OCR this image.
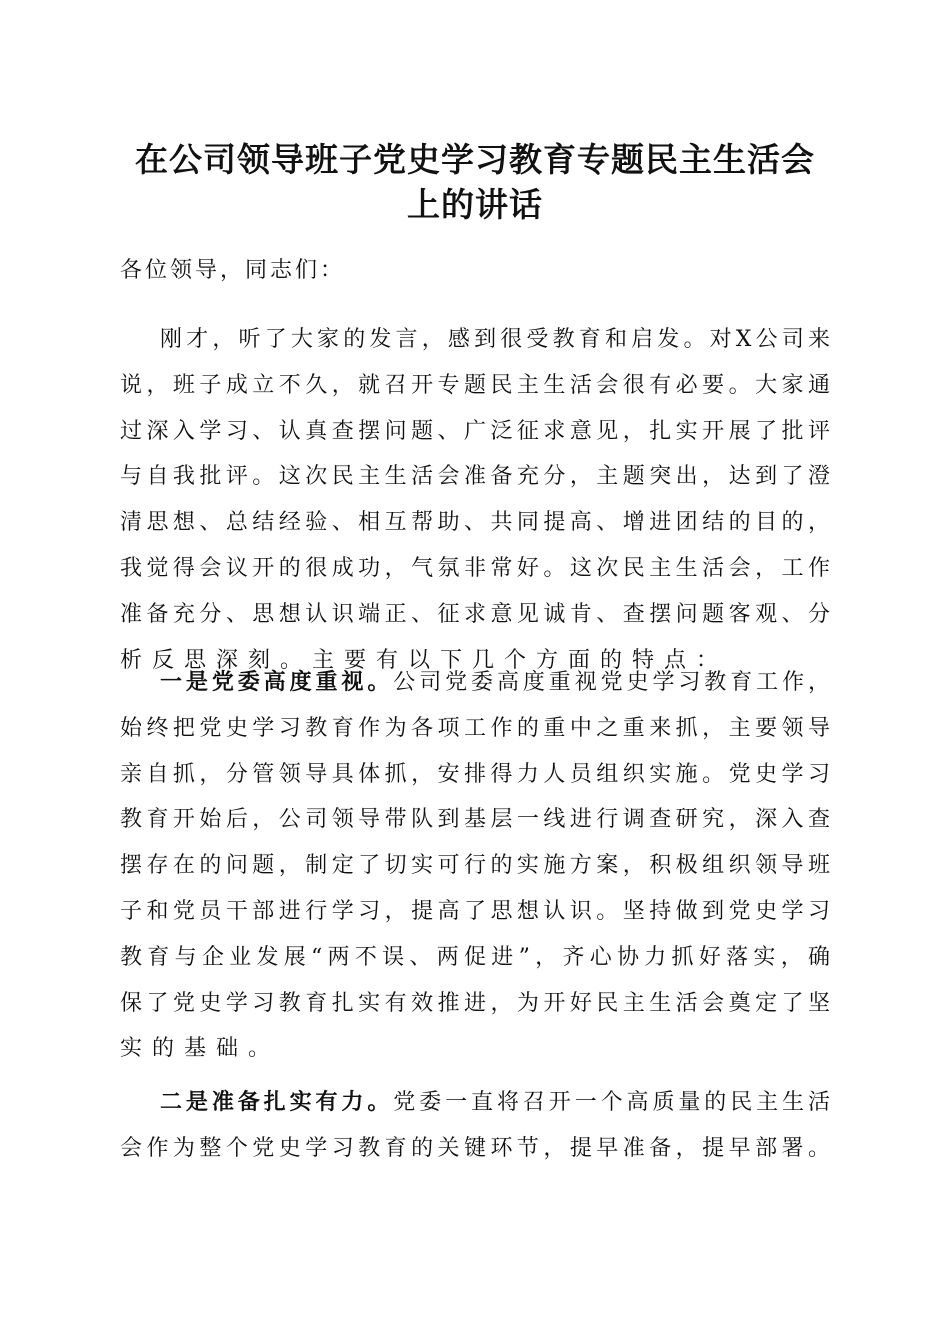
在公司领导班子党史学习教育专题民主生活会
上的讲话
各位领导，同志们：
刚才，听了大家的发言，感到很受教育和启发。对X公司来
说，班子成立不久，就召开专题民主生活会很有必要。大家通
过深入学习、认真查摆问题、广泛征求意见，扎实开展了批评
与自我批评。这次民主生活会准备充分，主题突出，达到了澄
清思想、总结经验、相互帮助、共同提高、增进团结的目的，
我觉得会议开的很成功，气氛非常好。这次民主生活会，工作
准备充分、思想认识端正、征求意见诚肯、查摆问题客观、分
析反思深刻。主要有以下几个方面的特点：
一是党委高度重视。公司党委高度重视党史学习教育工作，
始终把党史学习教育作为各项工作的重中之重来抓，主要领导
亲自抓，分管领导具体抓，安排得力人员组织实施。党史学习
教育开始后，公司领导带队到基层一线进行调查研究，深入查
摆存在的问题，制定了切实可行的实施方案，积极组织领导班
子和党员干部进行学习，提高了思想认识。坚持做到党史学习
教育与企业发展“两不误、两促进”，齐心协力抓好落实，确
保了党史学习教育扎实有效推进，为开好民主生活会奠定了坚
实的基础。
二是准备扎实有力。党委一直将召开一个高质量的民主生活
会作为整个党史学习教育的关键环节，提早准备，提早部署。
